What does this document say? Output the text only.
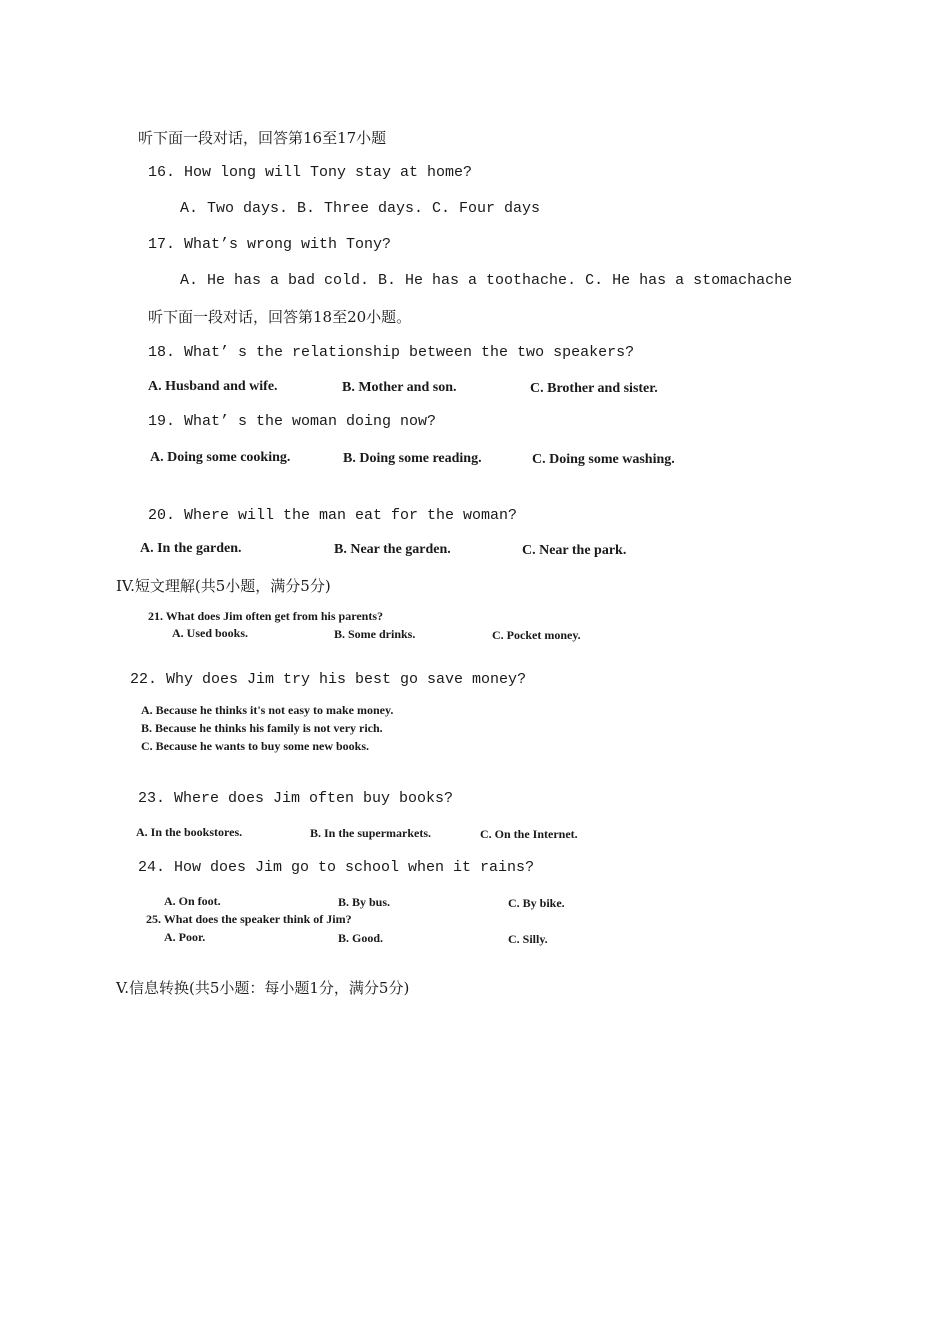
听下面一段对话，回答第16至17小题
16. How long will Tony stay at home?
A. Two days. B. Three days. C. Four days
17. What’s wrong with Tony?
A. He has a bad cold. B. He has a toothache. C. He has a stomachache
听下面一段对话，回答第18至20小题。
18. What’ s the relationship between the two speakers?
A. Husband and wife.	B. Mother and son.	C. Brother and sister.
19. What’ s the woman doing now?
A. Doing some cooking.	B. Doing some reading.	C. Doing some washing.
20. Where will the man eat for the woman?
A. In the garden.	B. Near the garden.	C. Near the park.
IV.短文理解(共5小题，满分5分)
21. What does Jim often get from his parents?
A. Used books.	B. Some drinks.	C. Pocket money.
22. Why does Jim try his best go save money?
A. Because he thinks it's not easy to make money.
B. Because he thinks his family is not very rich.
C. Because he wants to buy some new books.
23. Where does Jim often buy books?
A. In the bookstores.	B. In the supermarkets.	C. On the Internet.
24. How does Jim go to school when it rains?
A. On foot.	B. By bus.	C. By bike.
25. What does the speaker think of Jim?
A. Poor.	B. Good.	C. Silly.
V.信息转换(共5小题：每小题1分，满分5分)
